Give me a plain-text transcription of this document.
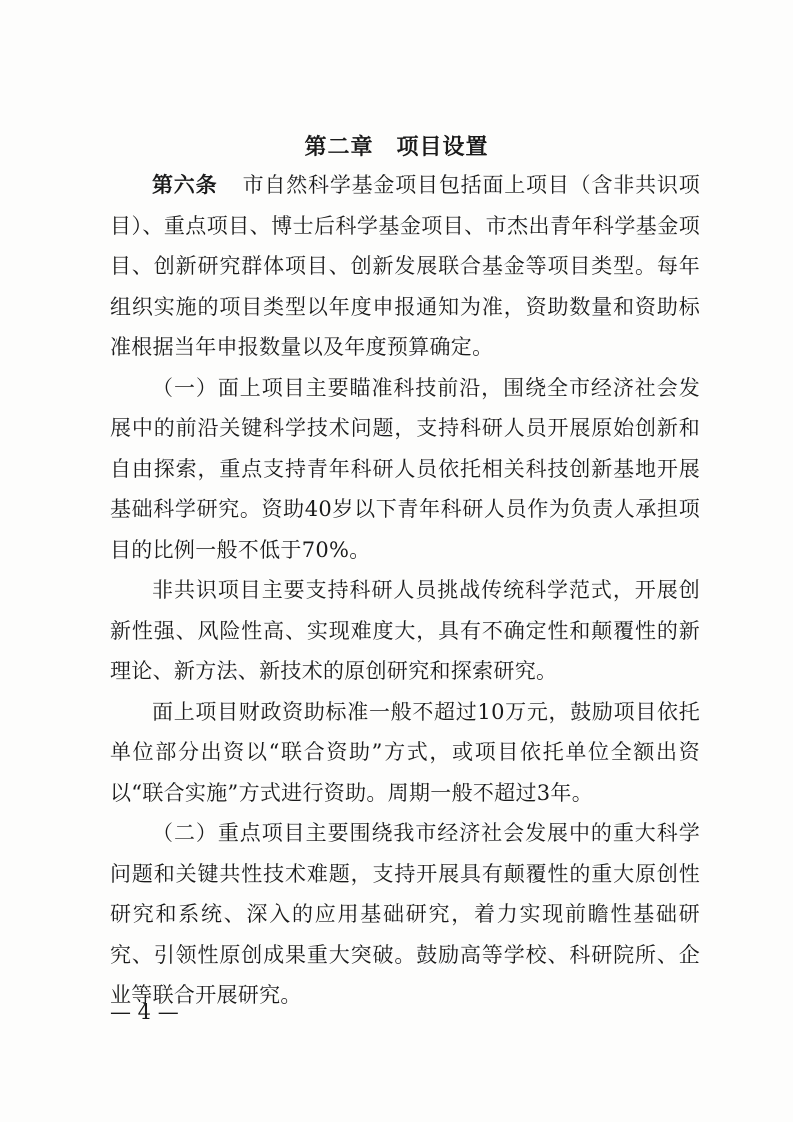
第二章　项目设置

第六条 市自然科学基金项目包括面上项目（含非共识项目）、重点项目、博士后科学基金项目、市杰出青年科学基金项目、创新研究群体项目、创新发展联合基金等项目类型。每年组织实施的项目类型以年度申报通知为准，资助数量和资助标准根据当年申报数量以及年度预算确定。

（一）面上项目主要瞄准科技前沿，围绕全市经济社会发展中的前沿关键科学技术问题，支持科研人员开展原始创新和自由探索，重点支持青年科研人员依托相关科技创新基地开展基础科学研究。资助40岁以下青年科研人员作为负责人承担项目的比例一般不低于70%。

非共识项目主要支持科研人员挑战传统科学范式，开展创新性强、风险性高、实现难度大，具有不确定性和颠覆性的新理论、新方法、新技术的原创研究和探索研究。

面上项目财政资助标准一般不超过10万元，鼓励项目依托单位部分出资以“联合资助”方式，或项目依托单位全额出资以“联合实施”方式进行资助。周期一般不超过3年。

（二）重点项目主要围绕我市经济社会发展中的重大科学问题和关键共性技术难题，支持开展具有颠覆性的重大原创性研究和系统、深入的应用基础研究，着力实现前瞻性基础研究、引领性原创成果重大突破。鼓励高等学校、科研院所、企业等联合开展研究。

— 4 —
